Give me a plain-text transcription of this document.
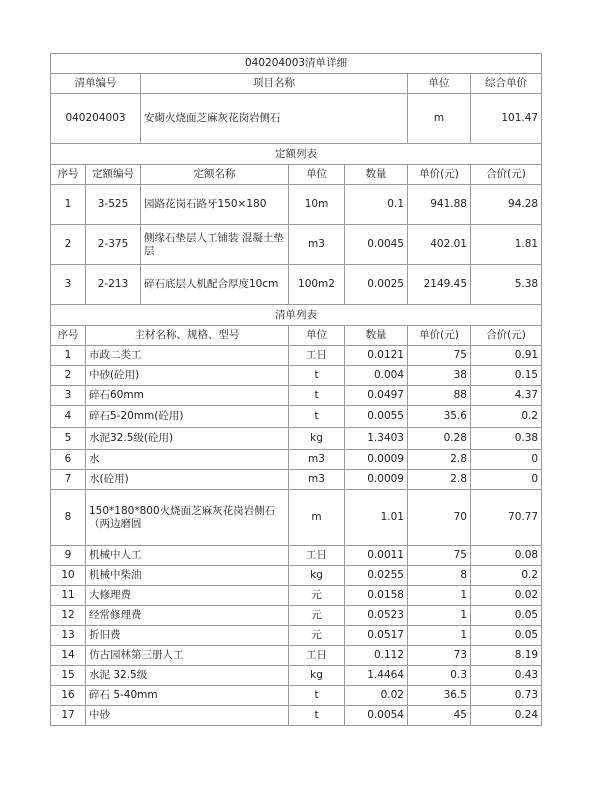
040204003清单详细						
清单编号		项目名称			单位	综合单价
040204003		安砌火烧面芝麻灰花岗岩侧石			m	101.47
定额列表						
序号	定额编号	定额名称	单位	数量	单价(元)	合价(元)
1	3-525	园路花岗石路牙150×180	10m	0.1	941.88	94.28
2	2-375	侧缘石垫层人工铺装 混凝土垫层	m3	0.0045	402.01	1.81
3	2-213	碎石底层人机配合厚度10cm	100m2	0.0025	2149.45	5.38
清单列表						
序号	主材名称、规格、型号		单位	数量	单价(元)	合价(元)
1	市政二类工		工日	0.0121	75	0.91
2	中砂(砼用)		t	0.004	38	0.15
3	碎石60mm		t	0.0497	88	4.37
4	碎石5-20mm(砼用)		t	0.0055	35.6	0.2
5	水泥32.5级(砼用)		kg	1.3403	0.28	0.38
6	水		m3	0.0009	2.8	0
7	水(砼用)		m3	0.0009	2.8	0
8	150*180*800火烧面芝麻灰花岗岩侧石（两边磨圆		m	1.01	70	70.77
9	机械中人工		工日	0.0011	75	0.08
10	机械中柴油		kg	0.0255	8	0.2
11	大修理费		元	0.0158	1	0.02
12	经常修理费		元	0.0523	1	0.05
13	折旧费		元	0.0517	1	0.05
14	仿古园林第三册人工		工日	0.112	73	8.19
15	水泥 32.5级		kg	1.4464	0.3	0.43
16	碎石 5-40mm		t	0.02	36.5	0.73
17	中砂		t	0.0054	45	0.24
